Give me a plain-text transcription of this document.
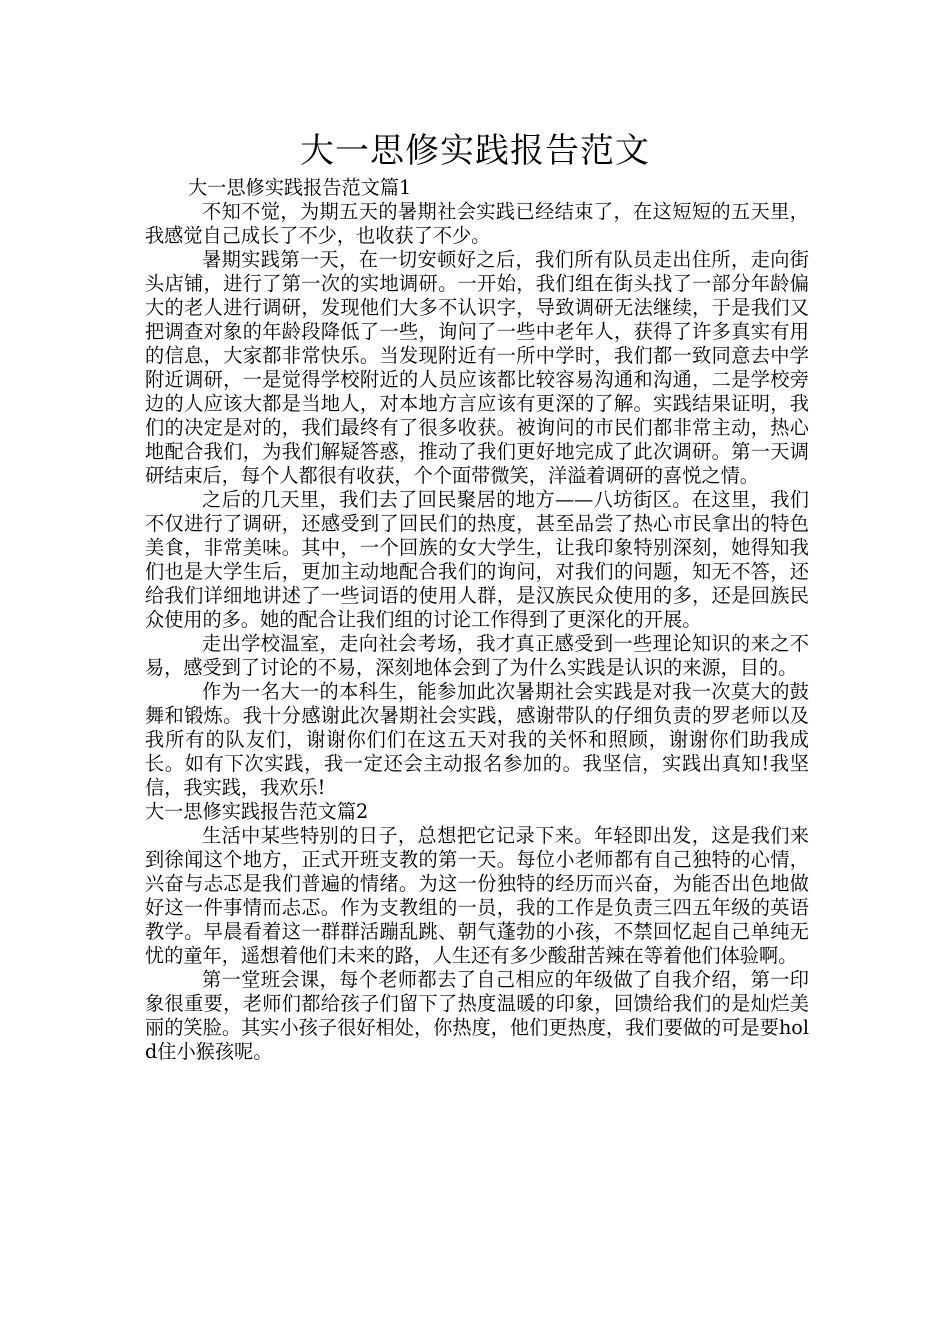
大一思修实践报告范文

大一思修实践报告范文篇1

不知不觉，为期五天的暑期社会实践已经结束了，在这短短的五天里，我感觉自己成长了不少，也收获了不少。

暑期实践第一天，在一切安顿好之后，我们所有队员走出住所，走向街头店铺，进行了第一次的实地调研。一开始，我们组在街头找了一部分年龄偏大的老人进行调研，发现他们大多不认识字，导致调研无法继续，于是我们又把调查对象的年龄段降低了一些，询问了一些中老年人，获得了许多真实有用的信息，大家都非常快乐。当发现附近有一所中学时，我们都一致同意去中学附近调研，一是觉得学校附近的人员应该都比较容易沟通和沟通，二是学校旁边的人应该大都是当地人，对本地方言应该有更深的了解。实践结果证明，我们的决定是对的，我们最终有了很多收获。被询问的市民们都非常主动，热心地配合我们，为我们解疑答惑，推动了我们更好地完成了此次调研。第一天调研结束后，每个人都很有收获，个个面带微笑，洋溢着调研的喜悦之情。

之后的几天里，我们去了回民聚居的地方——八坊街区。在这里，我们不仅进行了调研，还感受到了回民们的热度，甚至品尝了热心市民拿出的特色美食，非常美味。其中，一个回族的女大学生，让我印象特别深刻，她得知我们也是大学生后，更加主动地配合我们的询问，对我们的问题，知无不答，还给我们详细地讲述了一些词语的使用人群，是汉族民众使用的多，还是回族民众使用的多。她的配合让我们组的讨论工作得到了更深化的开展。

走出学校温室，走向社会考场，我才真正感受到一些理论知识的来之不易，感受到了讨论的不易，深刻地体会到了为什么实践是认识的来源，目的。

作为一名大一的本科生，能参加此次暑期社会实践是对我一次莫大的鼓舞和锻炼。我十分感谢此次暑期社会实践，感谢带队的仔细负责的罗老师以及我所有的队友们，谢谢你们们在这五天对我的关怀和照顾，谢谢你们助我成长。如有下次实践，我一定还会主动报名参加的。我坚信，实践出真知!我坚信，我实践，我欢乐!

大一思修实践报告范文篇2

生活中某些特别的日子，总想把它记录下来。年轻即出发，这是我们来到徐闻这个地方，正式开班支教的第一天。每位小老师都有自己独特的心情，兴奋与忐忑是我们普遍的情绪。为这一份独特的经历而兴奋，为能否出色地做好这一件事情而忐忑。作为支教组的一员，我的工作是负责三四五年级的英语教学。早晨看着这一群群活蹦乱跳、朝气蓬勃的小孩，不禁回忆起自己单纯无忧的童年，遥想着他们未来的路，人生还有多少酸甜苦辣在等着他们体验啊。

第一堂班会课，每个老师都去了自己相应的年级做了自我介绍，第一印象很重要，老师们都给孩子们留下了热度温暖的印象，回馈给我们的是灿烂美丽的笑脸。其实小孩子很好相处，你热度，他们更热度，我们要做的可是要hold住小猴孩呢。
